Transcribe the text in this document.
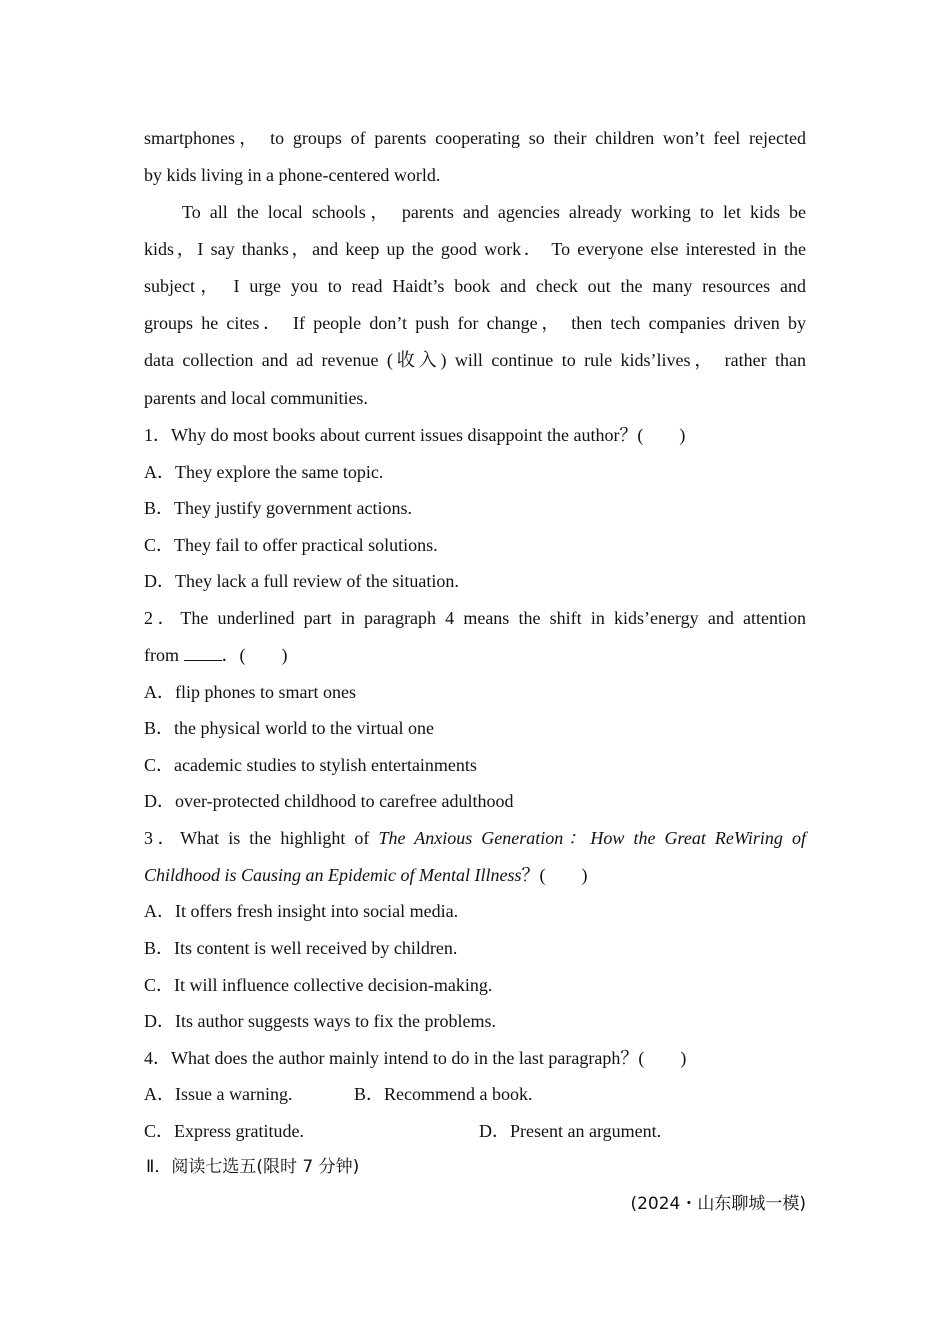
smartphones， to groups of parents cooperating so their children won’t feel rejected
by kids living in a phone-centered world.
To all the local schools， parents and agencies already working to let kids be
kids，I say thanks，and keep up the good work． To everyone else interested in the
subject， I urge you to read Haidt’s book and check out the many resources and
groups he cites． If people don’t push for change， then tech companies driven by
data collection and ad revenue (收入) will continue to rule kids’lives， rather than
parents and local communities.
1．Why do most books about current issues disappoint the author？(　　)
A．They explore the same topic.
B．They justify government actions.
C．They fail to offer practical solutions.
D．They lack a full review of the situation.
2．The underlined part in paragraph 4 means the shift in kids’energy and attention
from ．(　　)
A．flip phones to smart ones
B．the physical world to the virtual one
C．academic studies to stylish entertainments
D．over-protected childhood to carefree adulthood
3．What is the highlight of The Anxious Generation：How the Great ReWiring of
Childhood is Causing an Epidemic of Mental Illness？(　　)
A．It offers fresh insight into social media.
B．Its content is well received by children.
C．It will influence collective decision-making.
D．Its author suggests ways to fix the problems.
4．What does the author mainly intend to do in the last paragraph？(　　)
A．Issue a warning.	B．Recommend a book.
C．Express gratitude.	D．Present an argument.
Ⅱ．阅读七选五(限时 7 分钟)
(2024・山东聊城一模)
